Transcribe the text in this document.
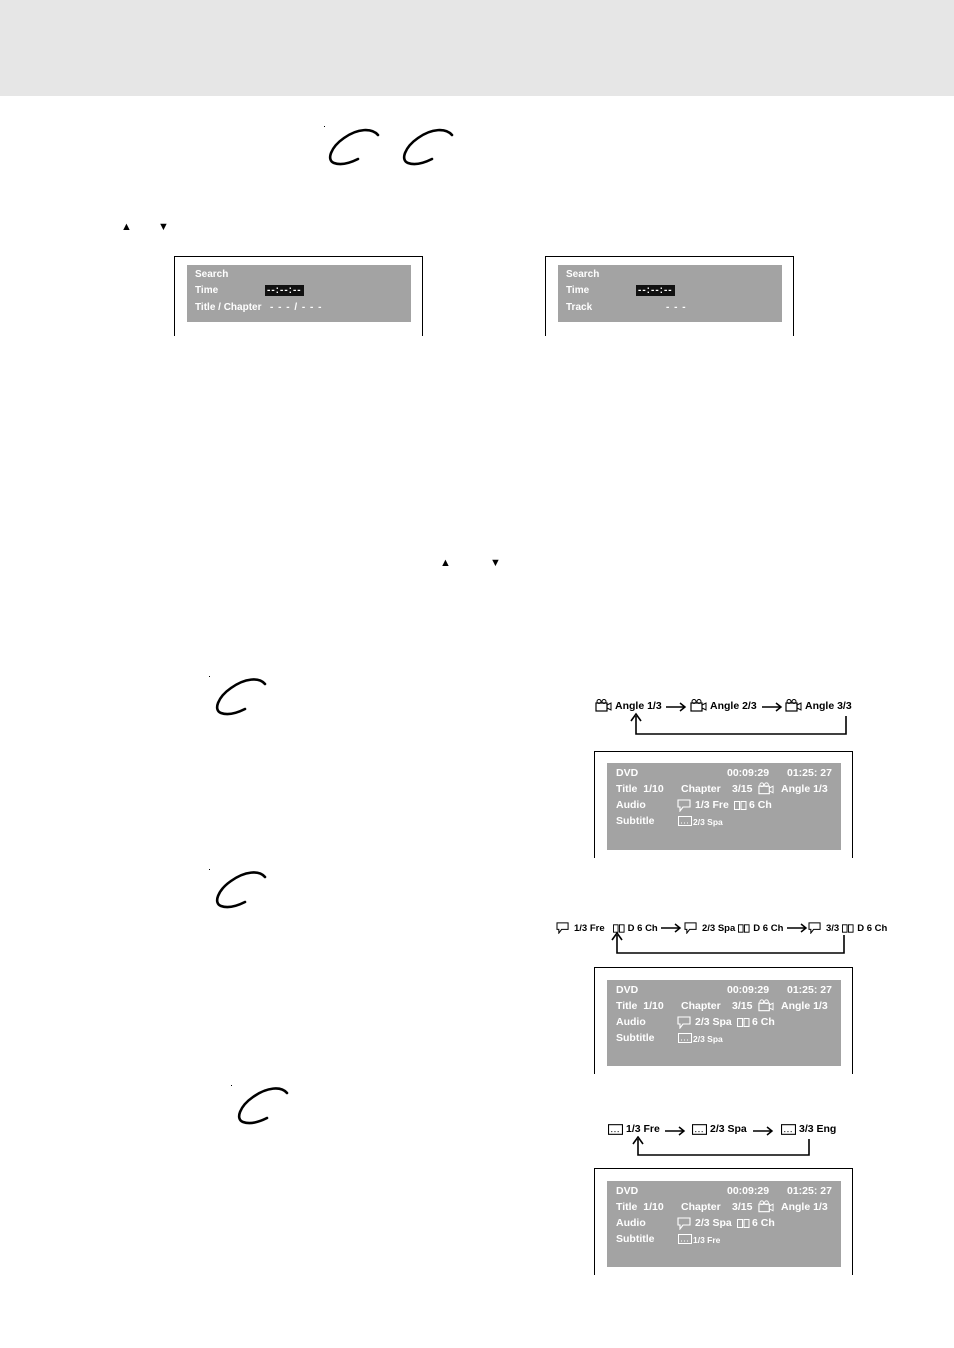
▲ ▼
Search
Time	--:--:--
Title / Chapter - - - / - - -
Search
Time	--:--:--
Track	- - -
▲	▼
Angle 1/3	Angle 2/3	Angle 3/3
DVD	00:09:29 01:25: 27
Title 1/10 Chapter 3/15	Angle 1/3
Audio	1/3 Fre 6 Ch
Subtitle	2/3 Spa
1/3 Fre D 6 Ch	2/3 Spa D 6 Ch	3/3 D 6 Ch
DVD	00:09:29 01:25: 27
Title 1/10 Chapter 3/15	Angle 1/3
Audio	2/3 Spa 6 Ch
Subtitle	2/3 Spa
1/3 Fre	2/3 Spa	3/3 Eng
DVD	00:09:29 01:25: 27
Title 1/10 Chapter 3/15	Angle 1/3
Audio	2/3 Spa 6 Ch
Subtitle	1/3 Fre
